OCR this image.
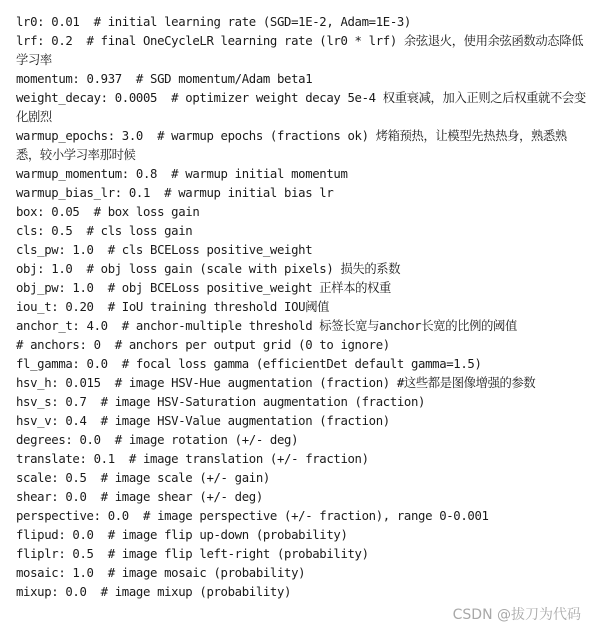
lr0: 0.01  # initial learning rate (SGD=1E-2, Adam=1E-3)
lrf: 0.2  # final OneCycleLR learning rate (lr0 * lrf) 余弦退火，使用余弦函数动态降低学习率
momentum: 0.937  # SGD momentum/Adam beta1
weight_decay: 0.0005  # optimizer weight decay 5e-4 权重衰减，加入正则之后权重就不会变化剧烈
warmup_epochs: 3.0  # warmup epochs (fractions ok) 烤箱预热，让模型先热热身，熟悉熟悉，较小学习率那时候
warmup_momentum: 0.8  # warmup initial momentum
warmup_bias_lr: 0.1  # warmup initial bias lr
box: 0.05  # box loss gain
cls: 0.5  # cls loss gain
cls_pw: 1.0  # cls BCELoss positive_weight
obj: 1.0  # obj loss gain (scale with pixels) 损失的系数
obj_pw: 1.0  # obj BCELoss positive_weight 正样本的权重
iou_t: 0.20  # IoU training threshold IOU阈值
anchor_t: 4.0  # anchor-multiple threshold 标签长宽与anchor长宽的比例的阈值
# anchors: 0  # anchors per output grid (0 to ignore)
fl_gamma: 0.0  # focal loss gamma (efficientDet default gamma=1.5)
hsv_h: 0.015  # image HSV-Hue augmentation (fraction) #这些都是图像增强的参数
hsv_s: 0.7  # image HSV-Saturation augmentation (fraction)
hsv_v: 0.4  # image HSV-Value augmentation (fraction)
degrees: 0.0  # image rotation (+/- deg)
translate: 0.1  # image translation (+/- fraction)
scale: 0.5  # image scale (+/- gain)
shear: 0.0  # image shear (+/- deg)
perspective: 0.0  # image perspective (+/- fraction), range 0-0.001
flipud: 0.0  # image flip up-down (probability)
fliplr: 0.5  # image flip left-right (probability)
mosaic: 1.0  # image mosaic (probability)
mixup: 0.0  # image mixup (probability)
CSDN @拔刀为代码
